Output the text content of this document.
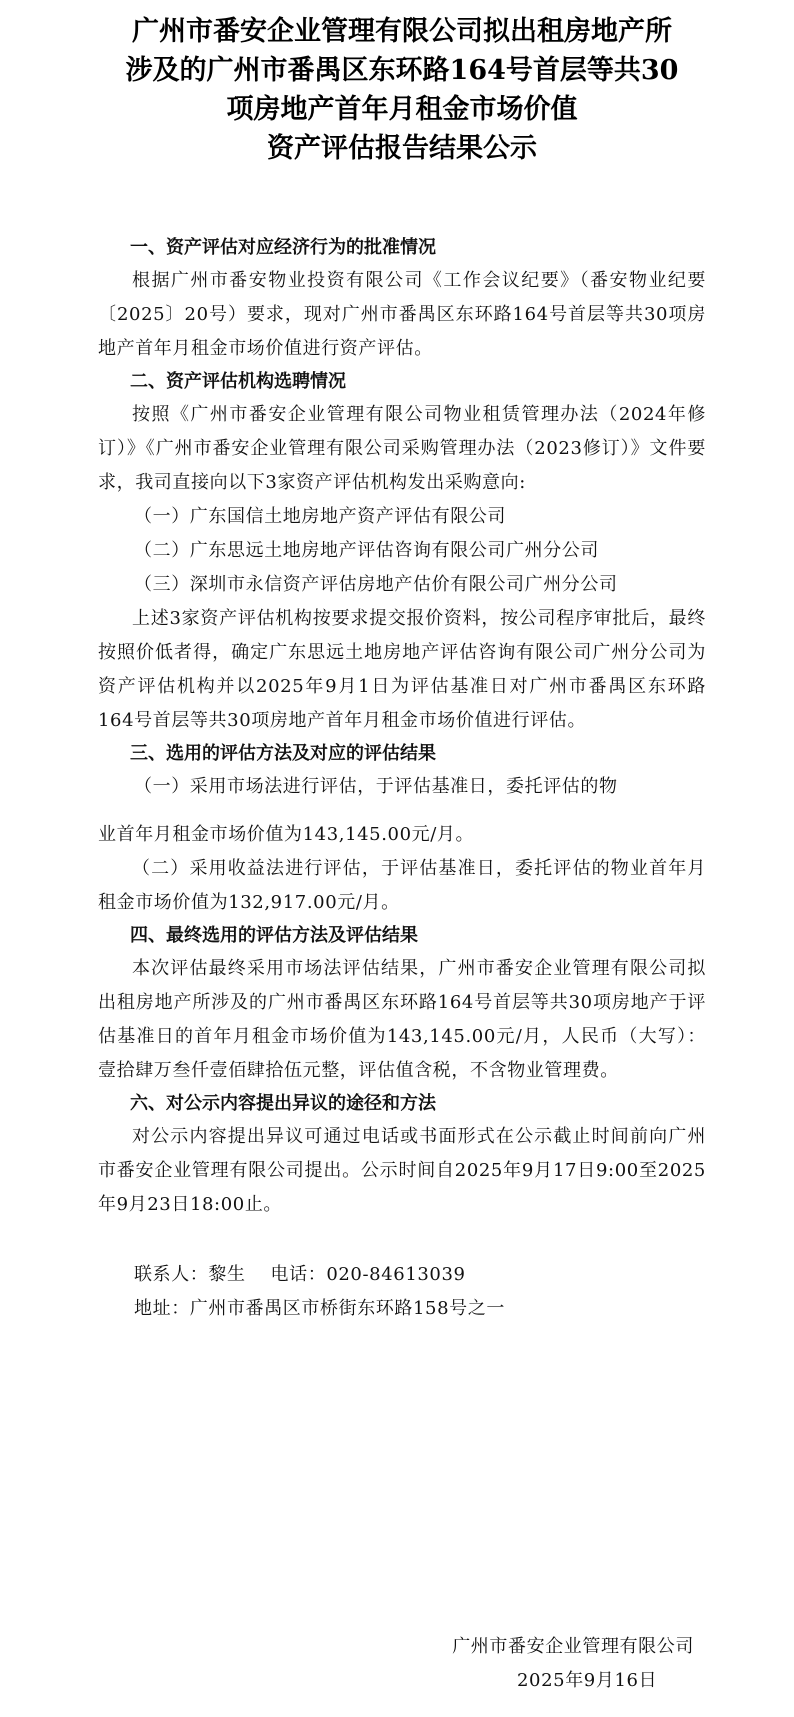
广州市番安企业管理有限公司拟出租房地产所
涉及的广州市番禺区东环路164号首层等共30
项房地产首年月租金市场价值
资产评估报告结果公示

一、资产评估对应经济行为的批准情况

根据广州市番安物业投资有限公司《工作会议纪要》（番安物业纪要〔2025〕20号）要求，现对广州市番禺区东环路164号首层等共30项房地产首年月租金市场价值进行资产评估。

二、资产评估机构选聘情况

按照《广州市番安企业管理有限公司物业租赁管理办法（2024年修订）》《广州市番安企业管理有限公司采购管理办法（2023修订）》文件要求，我司直接向以下3家资产评估机构发出采购意向:

（一）广东国信土地房地产资产评估有限公司

（二）广东思远土地房地产评估咨询有限公司广州分公司

（三）深圳市永信资产评估房地产估价有限公司广州分公司

上述3家资产评估机构按要求提交报价资料，按公司程序审批后，最终按照价低者得，确定广东思远土地房地产评估咨询有限公司广州分公司为资产评估机构并以2025年9月1日为评估基准日对广州市番禺区东环路164号首层等共30项房地产首年月租金市场价值进行评估。

三、选用的评估方法及对应的评估结果

（一）采用市场法进行评估，于评估基准日，委托评估的物

业首年月租金市场价值为143,145.00元/月。

（二）采用收益法进行评估，于评估基准日，委托评估的物业首年月租金市场价值为132,917.00元/月。

四、最终选用的评估方法及评估结果

本次评估最终采用市场法评估结果，广州市番安企业管理有限公司拟出租房地产所涉及的广州市番禺区东环路164号首层等共30项房地产于评估基准日的首年月租金市场价值为143,145.00元/月，人民币（大写）：壹拾肆万叁仟壹佰肆拾伍元整，评估值含税，不含物业管理费。

六、对公示内容提出异议的途径和方法

对公示内容提出异议可通过电话或书面形式在公示截止时间前向广州市番安企业管理有限公司提出。公示时间自2025年9月17日9:00至2025年9月23日18:00止。

联系人：黎生　 电话：020-84613039

地址：广州市番禺区市桥街东环路158号之一

广州市番安企业管理有限公司
2025年9月16日
